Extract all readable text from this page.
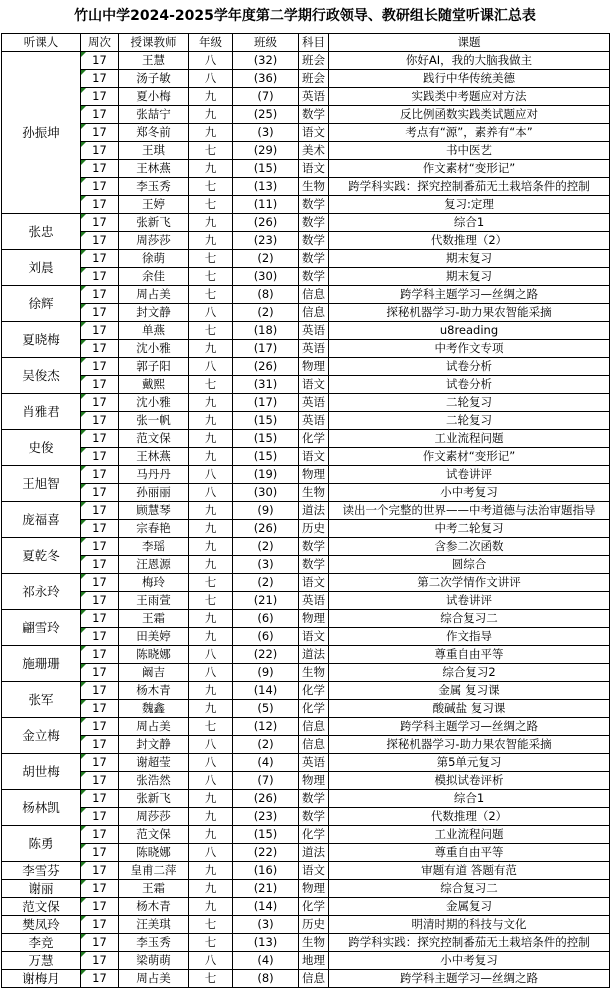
竹山中学2024-2025学年度第二学期行政领导、教研组长随堂听课汇总表
听课人	周次	授课教师	年级	班级	科目	课题
孙振坤	17	王慧	八	(32)	班会	你好AI，我的大脑我做主
	17	汤子敏	八	(36)	班会	践行中华传统美德
	17	夏小梅	九	(7)	英语	实践类中考题应对方法
	17	张喆宁	九	(25)	数学	反比例函数实践类试题应对
	17	郑冬前	九	(3)	语文	考点有“源”，素养有“本”
	17	王琪	七	(29)	美术	书中医艺
	17	王林燕	九	(15)	语文	作文素材“变形记”
	17	李玉秀	七	(13)	生物	跨学科实践：探究控制番茄无土栽培条件的控制
	17	王婷	七	(11)	数学	复习:定理
张忠	17	张新飞	九	(26)	数学	综合1
	17	周莎莎	九	(23)	数学	代数推理（2）
刘晨	17	徐萌	七	(2)	数学	期末复习
	17	余佳	七	(30)	数学	期末复习
徐辉	17	周占美	七	(8)	信息	跨学科主题学习—丝绸之路
	17	封文静	八	(2)	信息	探秘机器学习-助力果农智能采摘
夏晓梅	17	单燕	七	(18)	英语	u8reading
	17	沈小雅	九	(17)	英语	中考作文专项
吴俊杰	17	郭子阳	八	(26)	物理	试卷分析
	17	戴熙	七	(31)	语文	试卷分析
肖雅君	17	沈小雅	九	(17)	英语	二轮复习
	17	张一帆	九	(15)	英语	二轮复习
史俊	17	范文保	九	(15)	化学	工业流程问题
	17	王林燕	九	(15)	语文	作文素材“变形记”
王旭智	17	马丹丹	八	(19)	物理	试卷讲评
	17	孙丽丽	八	(30)	生物	小中考复习
庞福喜	17	顾慧琴	九	(9)	道法	读出一个完整的世界——中考道德与法治审题指导
	17	宗春艳	九	(26)	历史	中考二轮复习
夏乾冬	17	李瑶	九	(2)	数学	含参二次函数
	17	汪恩源	九	(3)	数学	圆综合
祁永玲	17	梅玲	七	(2)	语文	第二次学情作文讲评
	17	王雨萱	七	(21)	英语	试卷讲评
翩雪玲	17	王霜	九	(6)	物理	综合复习二
	17	田美婷	九	(6)	语文	作文指导
施珊珊	17	陈晓娜	八	(22)	道法	尊重自由平等
	17	阚吉	八	(9)	生物	综合复习2
张军	17	杨木青	九	(14)	化学	金属 复习课
	17	魏鑫	九	(5)	化学	酸碱盐 复习课
金立梅	17	周占美	七	(12)	信息	跨学科主题学习—丝绸之路
	17	封文静	八	(2)	信息	探秘机器学习-助力果农智能采摘
胡世梅	17	谢超莹	八	(4)	英语	第5单元复习
	17	张浩然	八	(7)	物理	模拟试卷评析
杨林凯	17	张新飞	九	(26)	数学	综合1
	17	周莎莎	九	(23)	数学	代数推理（2）
陈勇	17	范文保	九	(15)	化学	工业流程问题
	17	陈晓娜	八	(22)	道法	尊重自由平等
李雪芬	17	皇甫二萍	九	(16)	语文	审题有道 答题有范
谢丽	17	王霜	九	(21)	物理	综合复习二
范文保	17	杨木青	九	(14)	化学	金属复习
樊凤玲	17	汪美琪	七	(3)	历史	明清时期的科技与文化
李竞	17	李玉秀	七	(13)	生物	跨学科实践：探究控制番茄无土栽培条件的控制
万慧	17	梁萌萌	八	(4)	地理	小中考复习
谢梅月	17	周占美	七	(8)	信息	跨学科主题学习—丝绸之路
